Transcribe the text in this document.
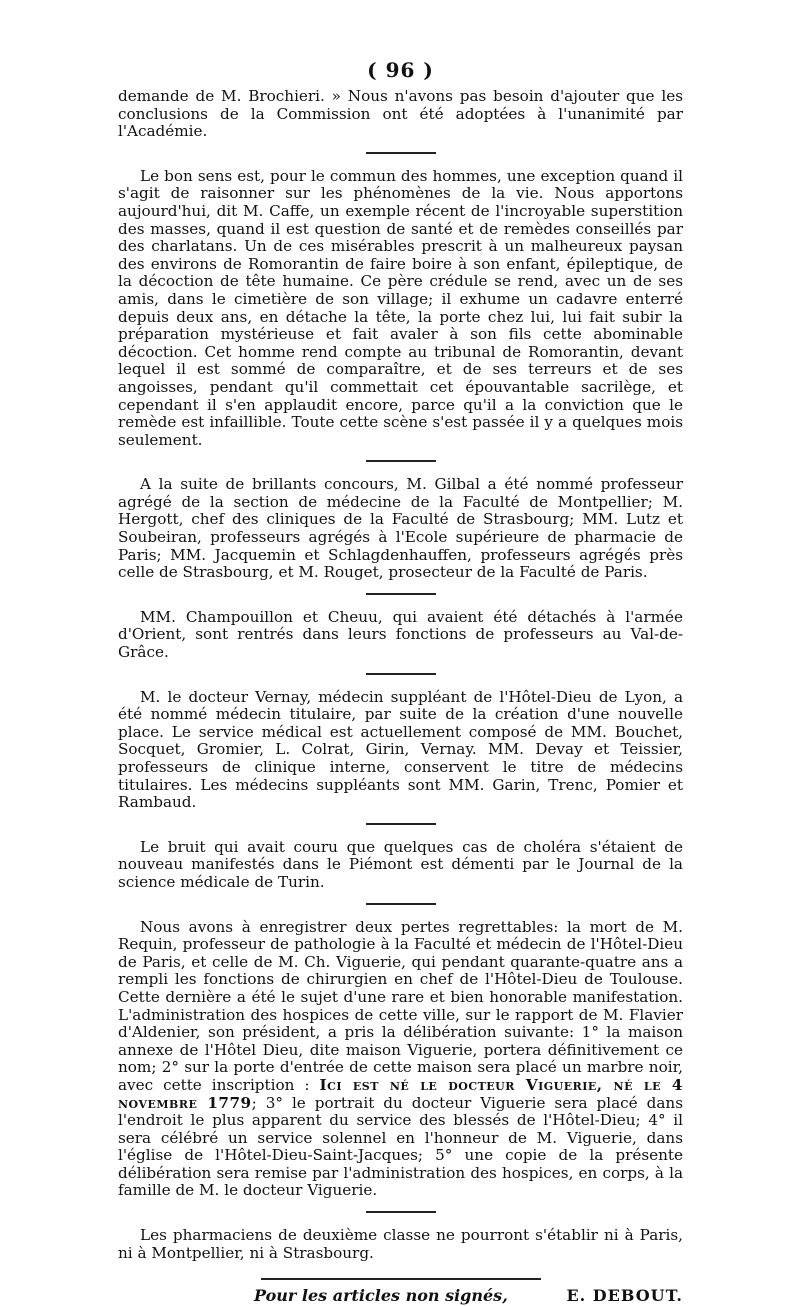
( 96 )

demande de M. Brochieri. » Nous n'avons pas besoin d'ajouter que les conclusions de la Commission ont été adoptées à l'unanimité par l'Académie.

Le bon sens est, pour le commun des hommes, une exception quand il s'agit de raisonner sur les phénomènes de la vie. Nous apportons aujourd'hui, dit M. Caffe, un exemple récent de l'incroyable superstition des masses, quand il est question de santé et de remèdes conseillés par des charlatans. Un de ces misérables prescrit à un malheureux paysan des environs de Romorantin de faire boire à son enfant, épileptique, de la décoction de tête humaine. Ce père crédule se rend, avec un de ses amis, dans le cimetière de son village; il exhume un cadavre enterré depuis deux ans, en détache la tête, la porte chez lui, lui fait subir la préparation mystérieuse et fait avaler à son fils cette abominable décoction. Cet homme rend compte au tribunal de Romorantin, devant lequel il est sommé de comparaître, et de ses terreurs et de ses angoisses, pendant qu'il commettait cet épouvantable sacrilège, et cependant il s'en applaudit encore, parce qu'il a la conviction que le remède est infaillible. Toute cette scène s'est passée il y a quelques mois seulement.

A la suite de brillants concours, M. Gilbal a été nommé professeur agrégé de la section de médecine de la Faculté de Montpellier; M. Hergott, chef des cliniques de la Faculté de Strasbourg; MM. Lutz et Soubeiran, professeurs agrégés à l'Ecole supérieure de pharmacie de Paris; MM. Jacquemin et Schlagdenhauffen, professeurs agrégés près celle de Strasbourg, et M. Rouget, prosecteur de la Faculté de Paris.

MM. Champouillon et Cheuu, qui avaient été détachés à l'armée d'Orient, sont rentrés dans leurs fonctions de professeurs au Val-de-Grâce.

M. le docteur Vernay, médecin suppléant de l'Hôtel-Dieu de Lyon, a été nommé médecin titulaire, par suite de la création d'une nouvelle place. Le service médical est actuellement composé de MM. Bouchet, Socquet, Gromier, L. Colrat, Girin, Vernay. MM. Devay et Teissier, professeurs de clinique interne, conservent le titre de médecins titulaires. Les médecins suppléants sont MM. Garin, Trenc, Pomier et Rambaud.

Le bruit qui avait couru que quelques cas de choléra s'étaient de nouveau manifestés dans le Piémont est démenti par le Journal de la science médicale de Turin.

Nous avons à enregistrer deux pertes regrettables: la mort de M. Requin, professeur de pathologie à la Faculté et médecin de l'Hôtel-Dieu de Paris, et celle de M. Ch. Viguerie, qui pendant quarante-quatre ans a rempli les fonctions de chirurgien en chef de l'Hôtel-Dieu de Toulouse. Cette dernière a été le sujet d'une rare et bien honorable manifestation. L'administration des hospices de cette ville, sur le rapport de M. Flavier d'Aldenier, son président, a pris la délibération suivante: 1° la maison annexe de l'Hôtel Dieu, dite maison Viguerie, portera définitivement ce nom; 2° sur la porte d'entrée de cette maison sera placé un marbre noir, avec cette inscription : Ici est né le docteur Viguerie, né le 4 novembre 1779; 3° le portrait du docteur Viguerie sera placé dans l'endroit le plus apparent du service des blessés de l'Hôtel-Dieu; 4° il sera célébré un service solennel en l'honneur de M. Viguerie, dans l'église de l'Hôtel-Dieu-Saint-Jacques; 5° une copie de la présente délibération sera remise par l'administration des hospices, en corps, à la famille de M. le docteur Viguerie.

Les pharmaciens de deuxième classe ne pourront s'établir ni à Paris, ni à Montpellier, ni à Strasbourg.

Pour les articles non signés,	E. DEBOUT.
